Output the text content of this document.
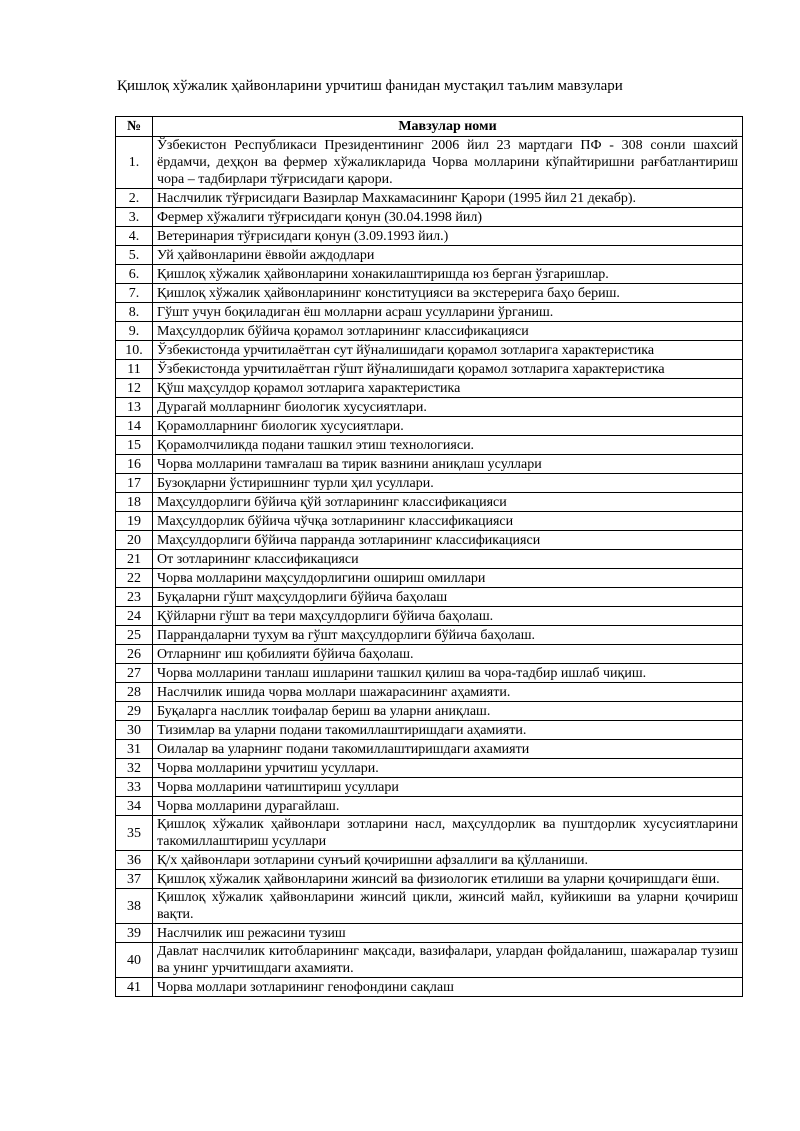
Қишлоқ хўжалик ҳайвонларини урчитиш фанидан мустақил таълим мавзулари
№	Мавзулар номи
1.	Ўзбекистон Республикаси Президентининг 2006 йил 23 мартдаги ПФ - 308 сонли шахсий ёрдамчи, деҳқон ва фермер хўжаликларида Чорва молларини кўпайтиришни рағбатлантириш чора – тадбирлари тўғрисидаги қарори.
2.	Наслчилик тўғрисидаги Вазирлар Махкамасининг Қарори (1995 йил 21 декабр).
3.	Фермер хўжалиги тўғрисидаги қонун (30.04.1998 йил)
4.	Ветеринария тўғрисидаги қонун (3.09.1993 йил.)
5.	Уй ҳайвонларини ёввойи аждодлари
6.	Қишлоқ хўжалик ҳайвонларини хонакилаштиришда юз берган ўзгаришлар.
7.	Қишлоқ хўжалик ҳайвонларининг конституцияси ва экстерерига баҳо бериш.
8.	Гўшт учун боқиладиган ёш молларни асраш усулларини ўрганиш.
9.	Маҳсулдорлик бўйича қорамол зотларининг классификацияси
10.	Ўзбекистонда урчитилаётган сут йўналишидаги қорамол зотларига характеристика
11	Ўзбекистонда урчитилаётган гўшт йўналишидаги қорамол зотларига характеристика
12	Қўш маҳсулдор қорамол зотларига характеристика
13	Дурагай молларнинг биологик хусусиятлари.
14	Қорамолларнинг биологик хусусиятлари.
15	Қорамолчиликда подани ташкил этиш технологияси.
16	Чорва молларини тамғалаш ва тирик вазнини аниқлаш усуллари
17	Бузоқларни ўстиришнинг турли ҳил усуллари.
18	Маҳсулдорлиги бўйича қўй зотларининг классификацияси
19	Маҳсулдорлик бўйича чўчқа зотларининг классификацияси
20	Маҳсулдорлиги бўйича парранда зотларининг классификацияси
21	От зотларининг классификацияси
22	Чорва молларини маҳсулдорлигини ошириш омиллари
23	Буқаларни гўшт маҳсулдорлиги бўйича баҳолаш
24	Қўйларни гўшт ва тери маҳсулдорлиги бўйича баҳолаш.
25	Паррандаларни тухум ва гўшт маҳсулдорлиги бўйича баҳолаш.
26	Отларнинг иш қобилияти бўйича баҳолаш.
27	Чорва молларини танлаш ишларини ташкил қилиш ва чора-тадбир ишлаб чиқиш.
28	Наслчилик ишида чорва моллари шажарасининг аҳамияти.
29	Буқаларга насллик тоифалар бериш ва уларни аниқлаш.
30	Тизимлар ва уларни подани такомиллаштиришдаги аҳамияти.
31	Оилалар ва уларнинг подани такомиллаштиришдаги ахамияти
32	Чорва молларини урчитиш усуллари.
33	Чорва молларини чатиштириш усуллари
34	Чорва молларини дурагайлаш.
35	Қишлоқ хўжалик ҳайвонлари зотларини насл, маҳсулдорлик ва пуштдорлик хусусиятларини такомиллаштириш усуллари
36	Қ/х ҳайвонлари зотларини сунъий қочиришни афзаллиги ва қўлланиши.
37	Қишлоқ хўжалик ҳайвонларини жинсий ва физиологик етилиши ва уларни қочиришдаги ёши.
38	Қишлоқ хўжалик ҳайвонларини жинсий цикли, жинсий майл, куйикиши ва уларни қочириш вақти.
39	Наслчилик иш режасини тузиш
40	Давлат наслчилик китобларининг мақсади, вазифалари, улардан фойдаланиш, шажаралар тузиш ва унинг урчитишдаги ахамияти.
41	Чорва моллари зотларининг генофондини сақлаш
